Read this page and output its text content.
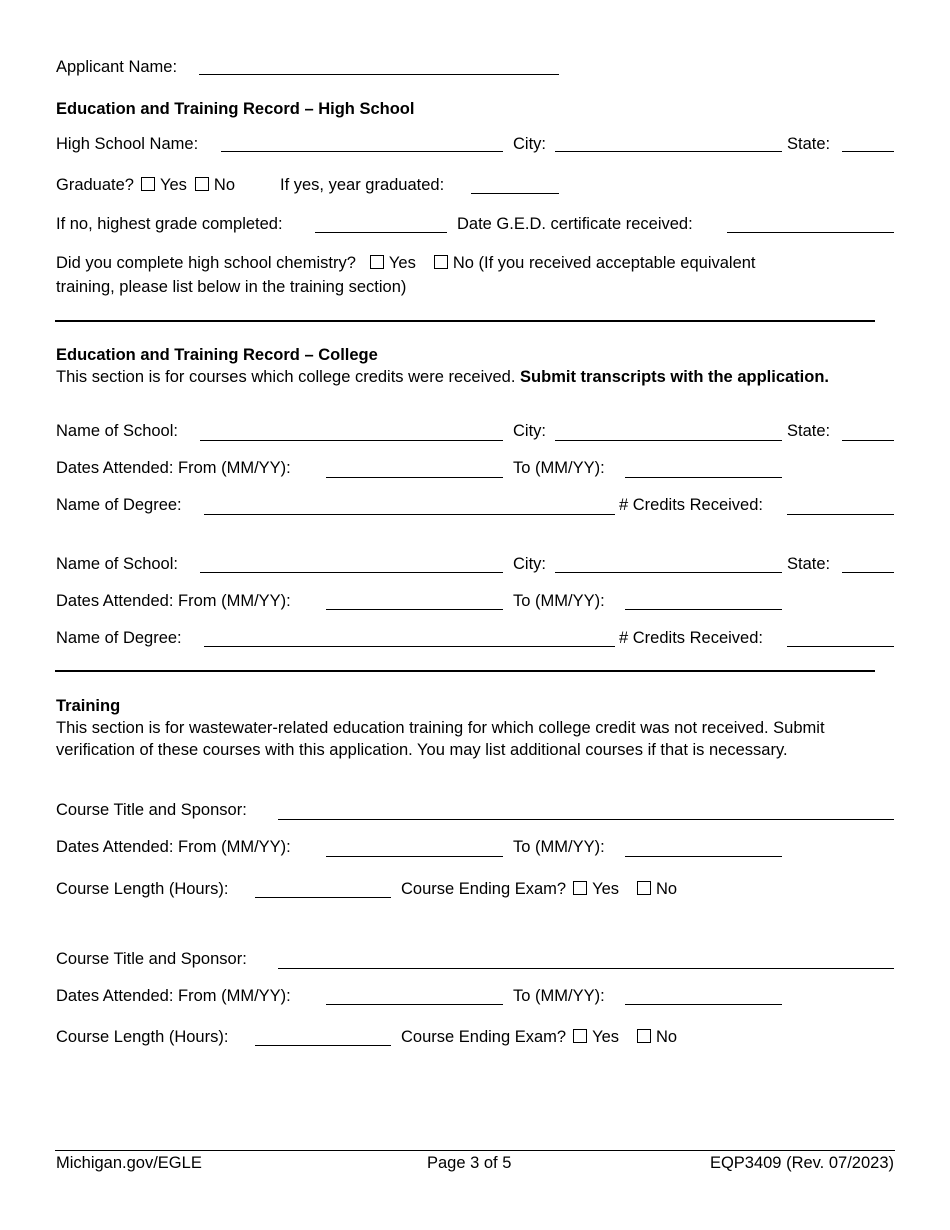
Applicant Name:
Education and Training Record – High School
High School Name:	City:	State:
Graduate? Yes No	If yes, year graduated:
If no, highest grade completed:	Date G.E.D. certificate received:
Did you complete high school chemistry? Yes No (If you received acceptable equivalent
training, please list below in the training section)
Education and Training Record – College
This section is for courses which college credits were received. Submit transcripts with the application.
Name of School:	City:	State:
Dates Attended: From (MM/YY):	To (MM/YY):
Name of Degree:	# Credits Received:
Name of School:	City:	State:
Dates Attended: From (MM/YY):	To (MM/YY):
Name of Degree:	# Credits Received:
Training
This section is for wastewater-related education training for which college credit was not received. Submit verification of these courses with this application. You may list additional courses if that is necessary.
Course Title and Sponsor:
Dates Attended: From (MM/YY):	To (MM/YY):
Course Length (Hours):	Course Ending Exam? Yes No
Course Title and Sponsor:
Dates Attended: From (MM/YY):	To (MM/YY):
Course Length (Hours):	Course Ending Exam? Yes No
Michigan.gov/EGLE	Page 3 of 5	EQP3409 (Rev. 07/2023)
